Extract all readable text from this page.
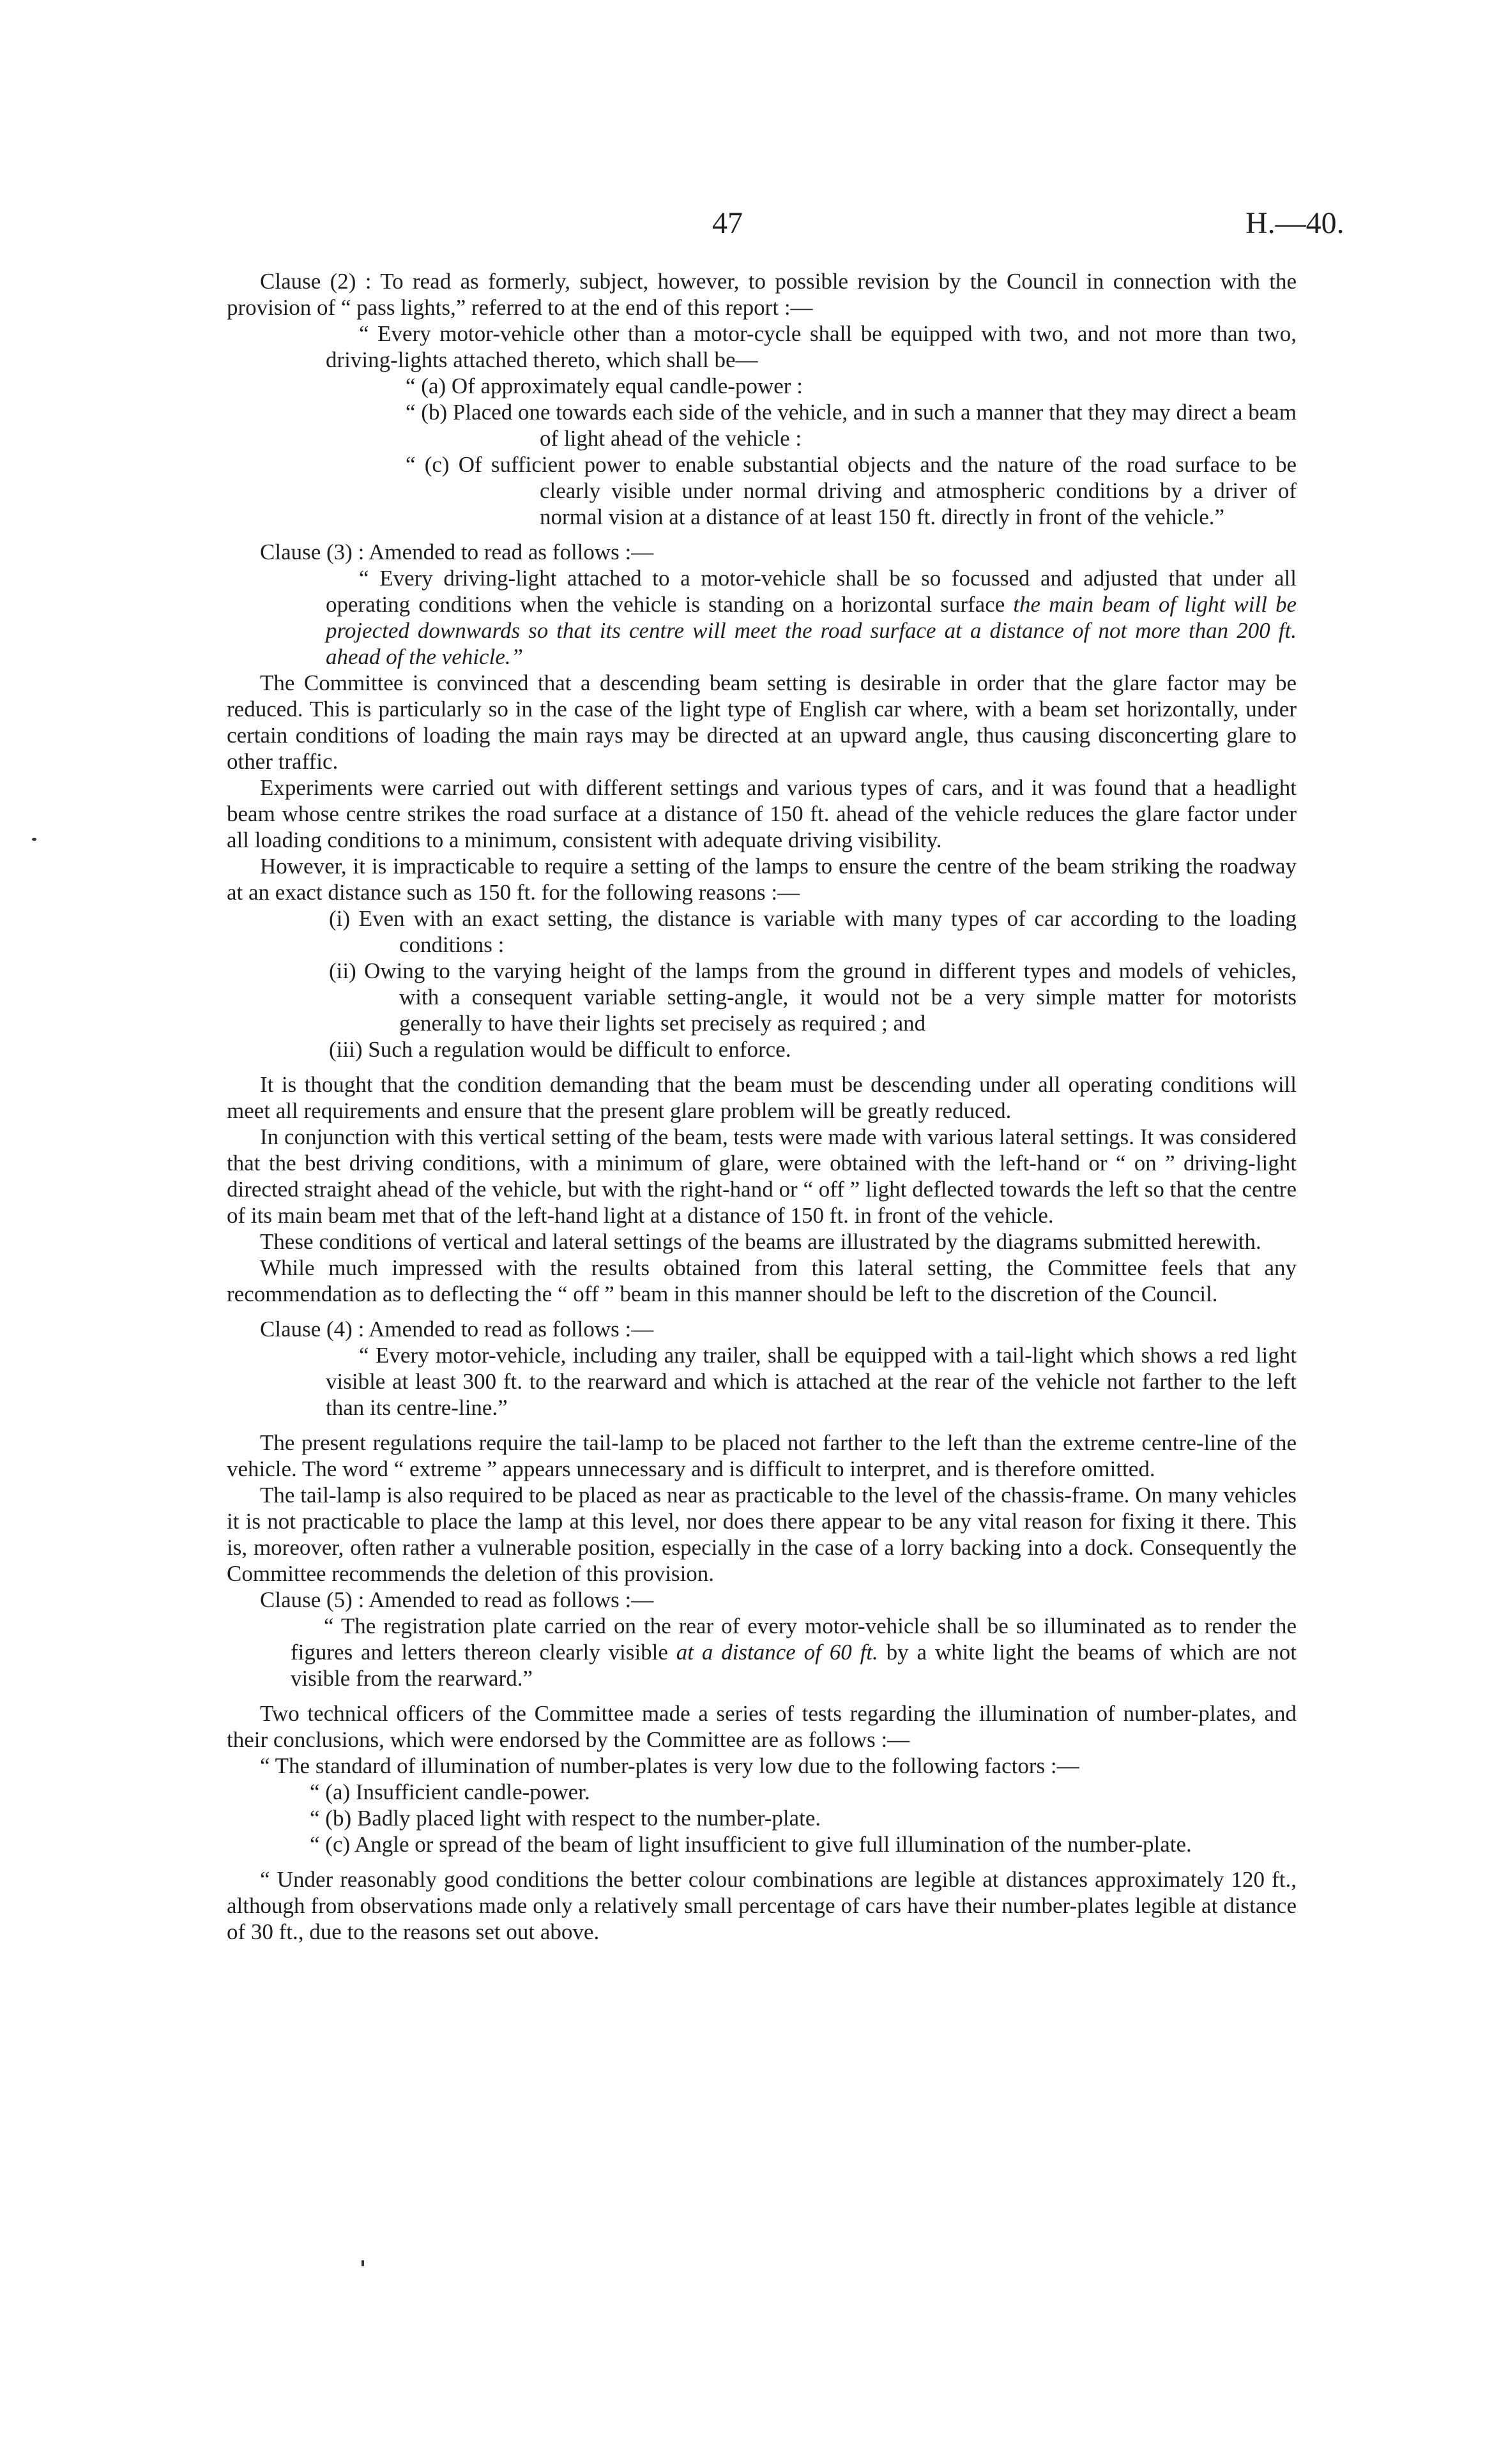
47	H.—40.

Clause (2) : To read as formerly, subject, however, to possible revision by the Council in connection with the provision of “ pass lights,” referred to at the end of this report :—

“ Every motor-vehicle other than a motor-cycle shall be equipped with two, and not more than two, driving-lights attached thereto, which shall be—

“ (a) Of approximately equal candle-power :

“ (b) Placed one towards each side of the vehicle, and in such a manner that they may direct a beam of light ahead of the vehicle :

“ (c) Of sufficient power to enable substantial objects and the nature of the road surface to be clearly visible under normal driving and atmospheric conditions by a driver of normal vision at a distance of at least 150 ft. directly in front of the vehicle.”

Clause (3) : Amended to read as follows :—

“ Every driving-light attached to a motor-vehicle shall be so focussed and adjusted that under all operating conditions when the vehicle is standing on a horizontal surface the main beam of light will be projected downwards so that its centre will meet the road surface at a distance of not more than 200 ft. ahead of the vehicle.”

The Committee is convinced that a descending beam setting is desirable in order that the glare factor may be reduced. This is particularly so in the case of the light type of English car where, with a beam set horizontally, under certain conditions of loading the main rays may be directed at an upward angle, thus causing disconcerting glare to other traffic.

Experiments were carried out with different settings and various types of cars, and it was found that a headlight beam whose centre strikes the road surface at a distance of 150 ft. ahead of the vehicle reduces the glare factor under all loading conditions to a minimum, consistent with adequate driving visibility.

However, it is impracticable to require a setting of the lamps to ensure the centre of the beam striking the roadway at an exact distance such as 150 ft. for the following reasons :—

(i) Even with an exact setting, the distance is variable with many types of car according to the loading conditions :

(ii) Owing to the varying height of the lamps from the ground in different types and models of vehicles, with a consequent variable setting-angle, it would not be a very simple matter for motorists generally to have their lights set precisely as required ; and

(iii) Such a regulation would be difficult to enforce.

It is thought that the condition demanding that the beam must be descending under all operating conditions will meet all requirements and ensure that the present glare problem will be greatly reduced.

In conjunction with this vertical setting of the beam, tests were made with various lateral settings. It was considered that the best driving conditions, with a minimum of glare, were obtained with the left-hand or “ on ” driving-light directed straight ahead of the vehicle, but with the right-hand or “ off ” light deflected towards the left so that the centre of its main beam met that of the left-hand light at a distance of 150 ft. in front of the vehicle.

These conditions of vertical and lateral settings of the beams are illustrated by the diagrams submitted herewith.

While much impressed with the results obtained from this lateral setting, the Committee feels that any recommendation as to deflecting the “ off ” beam in this manner should be left to the discretion of the Council.

Clause (4) : Amended to read as follows :—

“ Every motor-vehicle, including any trailer, shall be equipped with a tail-light which shows a red light visible at least 300 ft. to the rearward and which is attached at the rear of the vehicle not farther to the left than its centre-line.”

The present regulations require the tail-lamp to be placed not farther to the left than the extreme centre-line of the vehicle. The word “ extreme ” appears unnecessary and is difficult to interpret, and is therefore omitted.

The tail-lamp is also required to be placed as near as practicable to the level of the chassis-frame. On many vehicles it is not practicable to place the lamp at this level, nor does there appear to be any vital reason for fixing it there. This is, moreover, often rather a vulnerable position, especially in the case of a lorry backing into a dock. Consequently the Committee recommends the deletion of this provision.

Clause (5) : Amended to read as follows :—

“ The registration plate carried on the rear of every motor-vehicle shall be so illuminated as to render the figures and letters thereon clearly visible at a distance of 60 ft. by a white light the beams of which are not visible from the rearward.”

Two technical officers of the Committee made a series of tests regarding the illumination of number-plates, and their conclusions, which were endorsed by the Committee are as follows :—

“ The standard of illumination of number-plates is very low due to the following factors :—

“ (a) Insufficient candle-power.

“ (b) Badly placed light with respect to the number-plate.

“ (c) Angle or spread of the beam of light insufficient to give full illumination of the number-plate.

“ Under reasonably good conditions the better colour combinations are legible at distances approximately 120 ft., although from observations made only a relatively small percentage of cars have their number-plates legible at distance of 30 ft., due to the reasons set out above.
